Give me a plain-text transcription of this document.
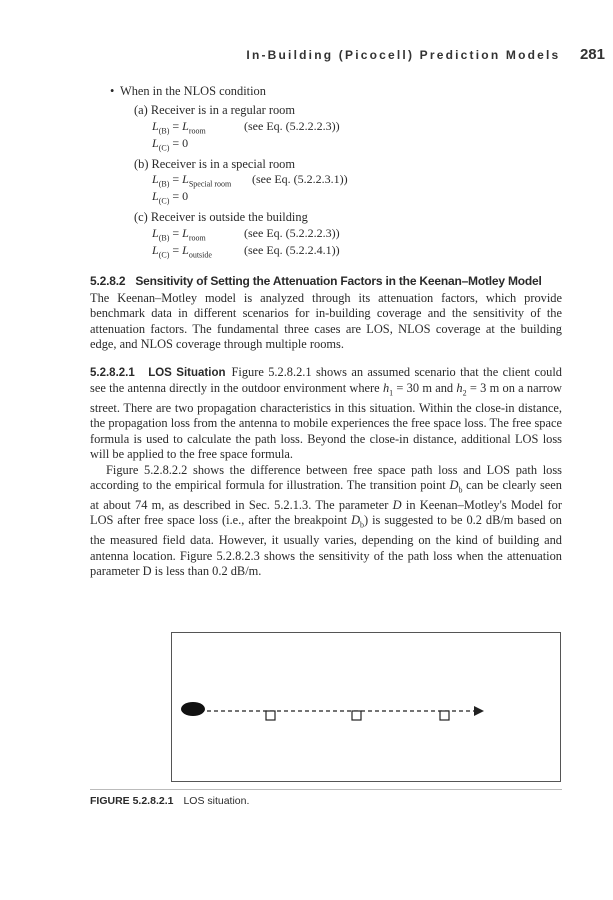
In-Building (Picocell) Prediction Models 281
• When in the NLOS condition
(a) Receiver is in a regular room
$L_{(B)} = L_{room}$	(see Eq. (5.2.2.2.3))
$L_{(C)} = 0$
(b) Receiver is in a special room
$L_{(B)} = L_{Special room}$ (see Eq. (5.2.2.3.1))
$L_{(C)} = 0$
(c) Receiver is outside the building
$L_{(B)} = L_{room}$	(see Eq. (5.2.2.2.3))
$L_{(C)} = L_{outside}$	(see Eq. (5.2.2.4.1))
5.2.8.2 Sensitivity of Setting the Attenuation Factors in the Keenan–Motley Model

The Keenan–Motley model is analyzed through its attenuation factors, which provide benchmark data in different scenarios for in-building coverage and the sensitivity of the attenuation factors. The fundamental three cases are LOS, NLOS coverage at the building edge, and NLOS coverage through multiple rooms.

5.2.8.2.1 LOS Situation Figure 5.2.8.2.1 shows an assumed scenario that the client could see the antenna directly in the outdoor environment where $h_1 = 30$ m and $h_2 = 3$ m on a narrow street. There are two propagation characteristics in this situation. Within the close-in distance, the propagation loss from the antenna to mobile experiences the free space loss. The free space formula is used to calculate the path loss. Beyond the close-in distance, additional LOS loss will be applied to the free space formula.

Figure 5.2.8.2.2 shows the difference between free space path loss and LOS path loss according to the empirical formula for illustration. The transition point $D_b$ can be clearly seen at about 74 m, as described in Sec. 5.2.1.3. The parameter D in Keenan–Motley's Model for LOS after free space loss (i.e., after the breakpoint $D_b$) is suggested to be 0.2 dB/m based on the measured field data. However, it usually varies, depending on the kind of building and antenna location. Figure 5.2.8.2.3 shows the sensitivity of the path loss when the attenuation parameter D is less than 0.2 dB/m.

FIGURE 5.2.8.2.1 LOS situation.
